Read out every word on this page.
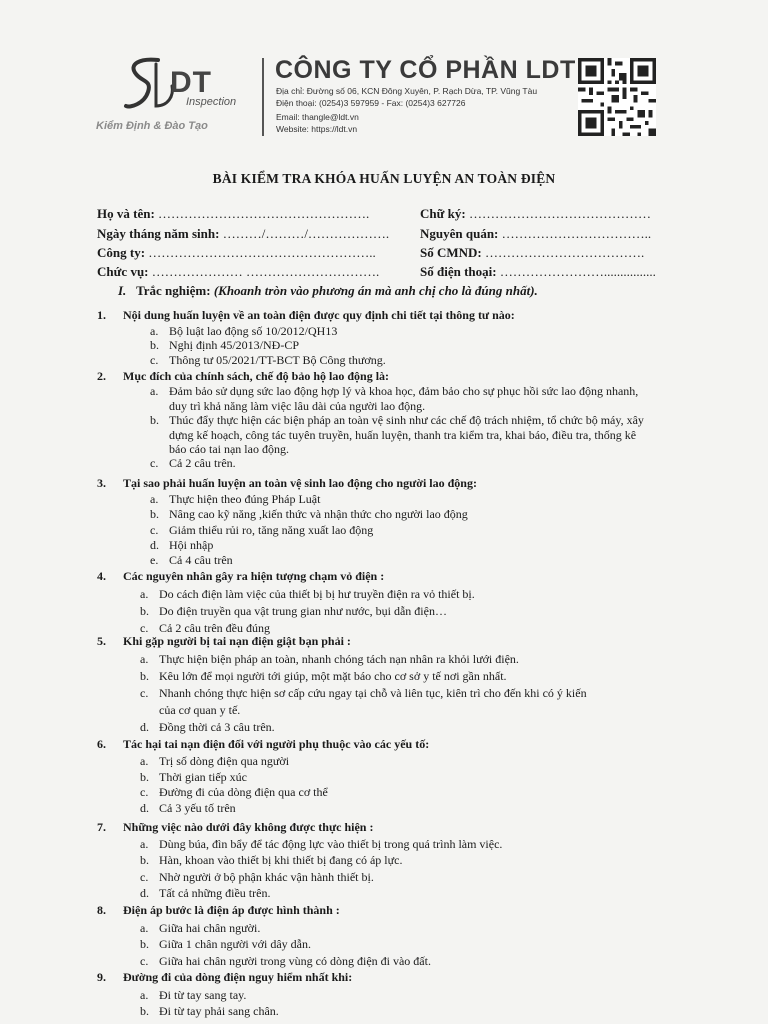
DT
Inspection
Kiểm Định & Đào Tạo
CÔNG TY CỔ PHẦN LDT
Địa chỉ: Đường số 06, KCN Đông Xuyên, P. Rạch Dừa, TP. Vũng Tàu
Điện thoại: (0254)3 597959 - Fax: (0254)3 627726
Email: thangle@ldt.vn
Website: https://ldt.vn
BÀI KIỂM TRA KHÓA HUẤN LUYỆN AN TOÀN ĐIỆN
Họ và tên: ………………………………………….	Chữ ký: ……………………………………
Ngày tháng năm sinh: ………/………/………………. Nguyên quán: ……………………………..
Công ty: ……………………………………………..	Số CMND: ……………………………….
Chức vụ: ………………… ………………………….	Số điện thoại: ……………………................
I. Trắc nghiệm: (Khoanh tròn vào phương án mà anh chị cho là đúng nhất).
1. Nội dung huấn luyện về an toàn điện được quy định chi tiết tại thông tư nào:
a. Bộ luật lao động số 10/2012/QH13
b. Nghị định 45/2013/NĐ-CP
c. Thông tư 05/2021/TT-BCT Bộ Công thương.
2. Mục đích của chính sách, chế độ bảo hộ lao động là:
a. Đảm bảo sử dụng sức lao động hợp lý và khoa học, đảm bảo cho sự phục hồi sức lao động nhanh,
duy trì khả năng làm việc lâu dài của người lao động.
b. Thúc đẩy thực hiện các biện pháp an toàn vệ sinh như các chế độ trách nhiệm, tổ chức bộ máy, xây
dựng kế hoạch, công tác tuyên truyền, huấn luyện, thanh tra kiểm tra, khai báo, điều tra, thống kê
báo cáo tai nạn lao động.
c. Cả 2 câu trên.
3. Tại sao phải huấn luyện an toàn vệ sinh lao động cho người lao động:
a. Thực hiện theo đúng Pháp Luật
b. Nâng cao kỹ năng ,kiến thức và nhận thức cho người lao động
c. Giảm thiểu rủi ro, tăng năng xuất lao động
d. Hội nhập
e. Cả 4 câu trên
4. Các nguyên nhân gây ra hiện tượng chạm vỏ điện :
a. Do cách điện làm việc của thiết bị bị hư truyền điện ra vỏ thiết bị.
b. Do điện truyền qua vật trung gian như nước, bụi dẫn điện…
c. Cả 2 câu trên đều đúng
5. Khi gặp người bị tai nạn điện giật bạn phải :
a. Thực hiện biện pháp an toàn, nhanh chóng tách nạn nhân ra khỏi lưới điện.
b. Kêu lớn để mọi người tới giúp, một mặt báo cho cơ sở y tế nơi gần nhất.
c. Nhanh chóng thực hiện sơ cấp cứu ngay tại chỗ và liên tục, kiên trì cho đến khi có ý kiến
của cơ quan y tế.
d. Đồng thời cả 3 câu trên.
6. Tác hại tai nạn điện đối với người phụ thuộc vào các yếu tố:
a. Trị số dòng điện qua người
b. Thời gian tiếp xúc
c. Đường đi của dòng điện qua cơ thể
d. Cả 3 yếu tố trên
7. Những việc nào dưới đây không được thực hiện :
a. Dùng búa, đìn bẩy để tác động lực vào thiết bị trong quá trình làm việc.
b. Hàn, khoan vào thiết bị khi thiết bị đang có áp lực.
c. Nhờ người ở bộ phận khác vận hành thiết bị.
d. Tất cả những điều trên.
8. Điện áp bước là điện áp được hình thành :
a. Giữa hai chân người.
b. Giữa 1 chân người với dây dẫn.
c. Giữa hai chân người trong vùng có dòng điện đi vào đất.
9. Đường đi của dòng điện nguy hiểm nhất khi:
a. Đi từ tay sang tay.
b. Đi từ tay phải sang chân.
